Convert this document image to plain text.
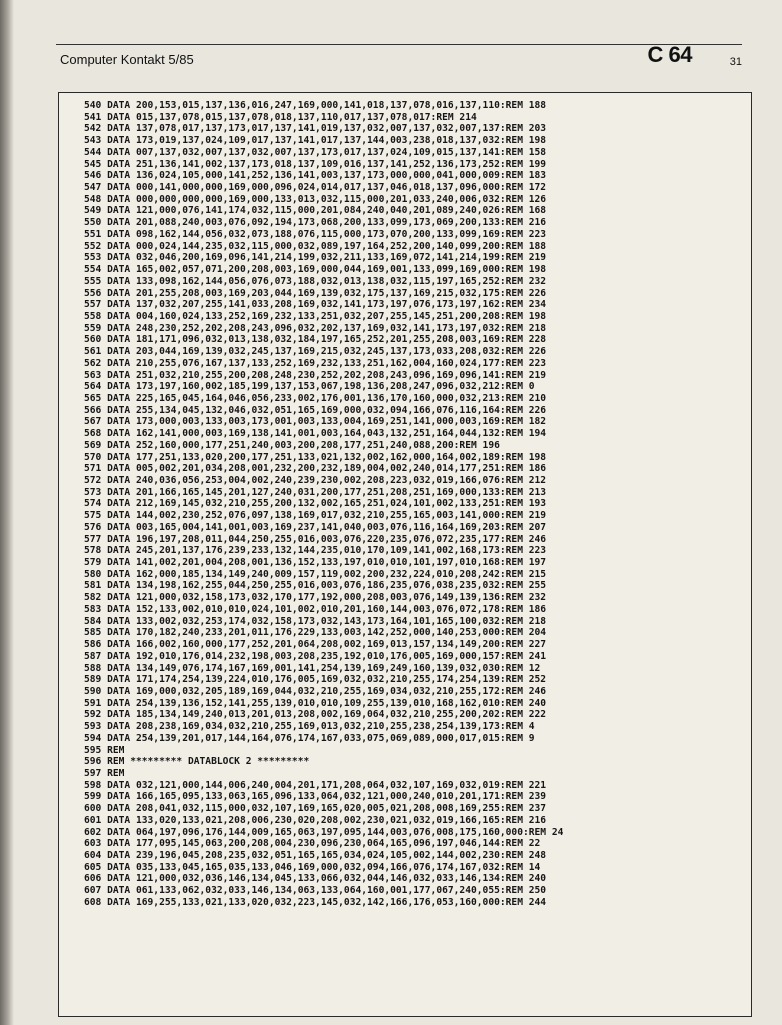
Computer Kontakt 5/85	C 64	31
540 DATA 200,153,015,137,136,016,247,169,000,141,018,137,078,016,137,110:REM 188
541 DATA 015,137,078,015,137,078,018,137,110,017,137,078,017:REM 214
542 DATA 137,078,017,137,173,017,137,141,019,137,032,007,137,032,007,137:REM 203
543 DATA 173,019,137,024,109,017,137,141,017,137,144,003,238,018,137,032:REM 198
544 DATA 007,137,032,007,137,032,007,137,173,017,137,024,109,015,137,141:REM 158
545 DATA 251,136,141,002,137,173,018,137,109,016,137,141,252,136,173,252:REM 199
546 DATA 136,024,105,000,141,252,136,141,003,137,173,000,000,041,000,009:REM 183
547 DATA 000,141,000,000,169,000,096,024,014,017,137,046,018,137,096,000:REM 172
548 DATA 000,000,000,000,169,000,133,013,032,115,000,201,033,240,006,032:REM 126
549 DATA 121,000,076,141,174,032,115,000,201,084,240,040,201,089,240,026:REM 168
550 DATA 201,088,240,003,076,092,194,173,068,200,133,099,173,069,200,133:REM 216
551 DATA 098,162,144,056,032,073,188,076,115,000,173,070,200,133,099,169:REM 223
552 DATA 000,024,144,235,032,115,000,032,089,197,164,252,200,140,099,200:REM 188
553 DATA 032,046,200,169,096,141,214,199,032,211,133,169,072,141,214,199:REM 219
554 DATA 165,002,057,071,200,208,003,169,000,044,169,001,133,099,169,000:REM 198
555 DATA 133,098,162,144,056,076,073,188,032,013,138,032,115,197,165,252:REM 232
556 DATA 201,255,208,003,169,203,044,169,139,032,175,137,169,215,032,175:REM 226
557 DATA 137,032,207,255,141,033,208,169,032,141,173,197,076,173,197,162:REM 234
558 DATA 004,160,024,133,252,169,232,133,251,032,207,255,145,251,200,208:REM 198
559 DATA 248,230,252,202,208,243,096,032,202,137,169,032,141,173,197,032:REM 218
560 DATA 181,171,096,032,013,138,032,184,197,165,252,201,255,208,003,169:REM 228
561 DATA 203,044,169,139,032,245,137,169,215,032,245,137,173,033,208,032:REM 226
562 DATA 210,255,076,167,137,133,252,169,232,133,251,162,004,160,024,177:REM 223
563 DATA 251,032,210,255,200,208,248,230,252,202,208,243,096,169,096,141:REM 219
564 DATA 173,197,160,002,185,199,137,153,067,198,136,208,247,096,032,212:REM 0
565 DATA 225,165,045,164,046,056,233,002,176,001,136,170,160,000,032,213:REM 210
566 DATA 255,134,045,132,046,032,051,165,169,000,032,094,166,076,116,164:REM 226
567 DATA 173,000,003,133,003,173,001,003,133,004,169,251,141,000,003,169:REM 182
568 DATA 162,141,000,003,169,138,141,001,003,164,043,132,251,164,044,132:REM 194
569 DATA 252,160,000,177,251,240,003,200,208,177,251,240,088,200:REM 196
570 DATA 177,251,133,020,200,177,251,133,021,132,002,162,000,164,002,189:REM 198
571 DATA 005,002,201,034,208,001,232,200,232,189,004,002,240,014,177,251:REM 186
572 DATA 240,036,056,253,004,002,240,239,230,002,208,223,032,019,166,076:REM 212
573 DATA 201,166,165,145,201,127,240,031,200,177,251,208,251,169,000,133:REM 213
574 DATA 212,169,145,032,210,255,200,132,002,165,251,024,101,002,133,251:REM 193
575 DATA 144,002,230,252,076,097,138,169,017,032,210,255,165,003,141,000:REM 219
576 DATA 003,165,004,141,001,003,169,237,141,040,003,076,116,164,169,203:REM 207
577 DATA 196,197,208,011,044,250,255,016,003,076,220,235,076,072,235,177:REM 246
578 DATA 245,201,137,176,239,233,132,144,235,010,170,109,141,002,168,173:REM 223
579 DATA 141,002,201,004,208,001,136,152,133,197,010,010,101,197,010,168:REM 197
580 DATA 162,000,185,134,149,240,009,157,119,002,200,232,224,010,208,242:REM 215
581 DATA 134,198,162,255,044,250,255,016,003,076,186,235,076,038,235,032:REM 255
582 DATA 121,000,032,158,173,032,170,177,192,000,208,003,076,149,139,136:REM 232
583 DATA 152,133,002,010,010,024,101,002,010,201,160,144,003,076,072,178:REM 186
584 DATA 133,002,032,253,174,032,158,173,032,143,173,164,101,165,100,032:REM 218
585 DATA 170,182,240,233,201,011,176,229,133,003,142,252,000,140,253,000:REM 204
586 DATA 166,002,160,000,177,252,201,064,208,002,169,013,157,134,149,200:REM 227
587 DATA 192,010,176,014,232,198,003,208,235,192,010,176,005,169,000,157:REM 241
588 DATA 134,149,076,174,167,169,001,141,254,139,169,249,160,139,032,030:REM 12
589 DATA 171,174,254,139,224,010,176,005,169,032,032,210,255,174,254,139:REM 252
590 DATA 169,000,032,205,189,169,044,032,210,255,169,034,032,210,255,172:REM 246
591 DATA 254,139,136,152,141,255,139,010,010,109,255,139,010,168,162,010:REM 240
592 DATA 185,134,149,240,013,201,013,208,002,169,064,032,210,255,200,202:REM 222
593 DATA 208,238,169,034,032,210,255,169,013,032,210,255,238,254,139,173:REM 4
594 DATA 254,139,201,017,144,164,076,174,167,033,075,069,089,000,017,015:REM 9
595 REM
596 REM ********* DATABLOCK 2 *********
597 REM
598 DATA 032,121,000,144,006,240,004,201,171,208,064,032,107,169,032,019:REM 221
599 DATA 166,165,095,133,063,165,096,133,064,032,121,000,240,010,201,171:REM 239
600 DATA 208,041,032,115,000,032,107,169,165,020,005,021,208,008,169,255:REM 237
601 DATA 133,020,133,021,208,006,230,020,208,002,230,021,032,019,166,165:REM 216
602 DATA 064,197,096,176,144,009,165,063,197,095,144,003,076,008,175,160,000:REM 24
603 DATA 177,095,145,063,200,208,004,230,096,230,064,165,096,197,046,144:REM 22
604 DATA 239,196,045,208,235,032,051,165,165,034,024,105,002,144,002,230:REM 248
605 DATA 035,133,045,165,035,133,046,169,000,032,094,166,076,174,167,032:REM 14
606 DATA 121,000,032,036,146,134,045,133,066,032,044,146,032,033,146,134:REM 240
607 DATA 061,133,062,032,033,146,134,063,133,064,160,001,177,067,240,055:REM 250
608 DATA 169,255,133,021,133,020,032,223,145,032,142,166,176,053,160,000:REM 244
